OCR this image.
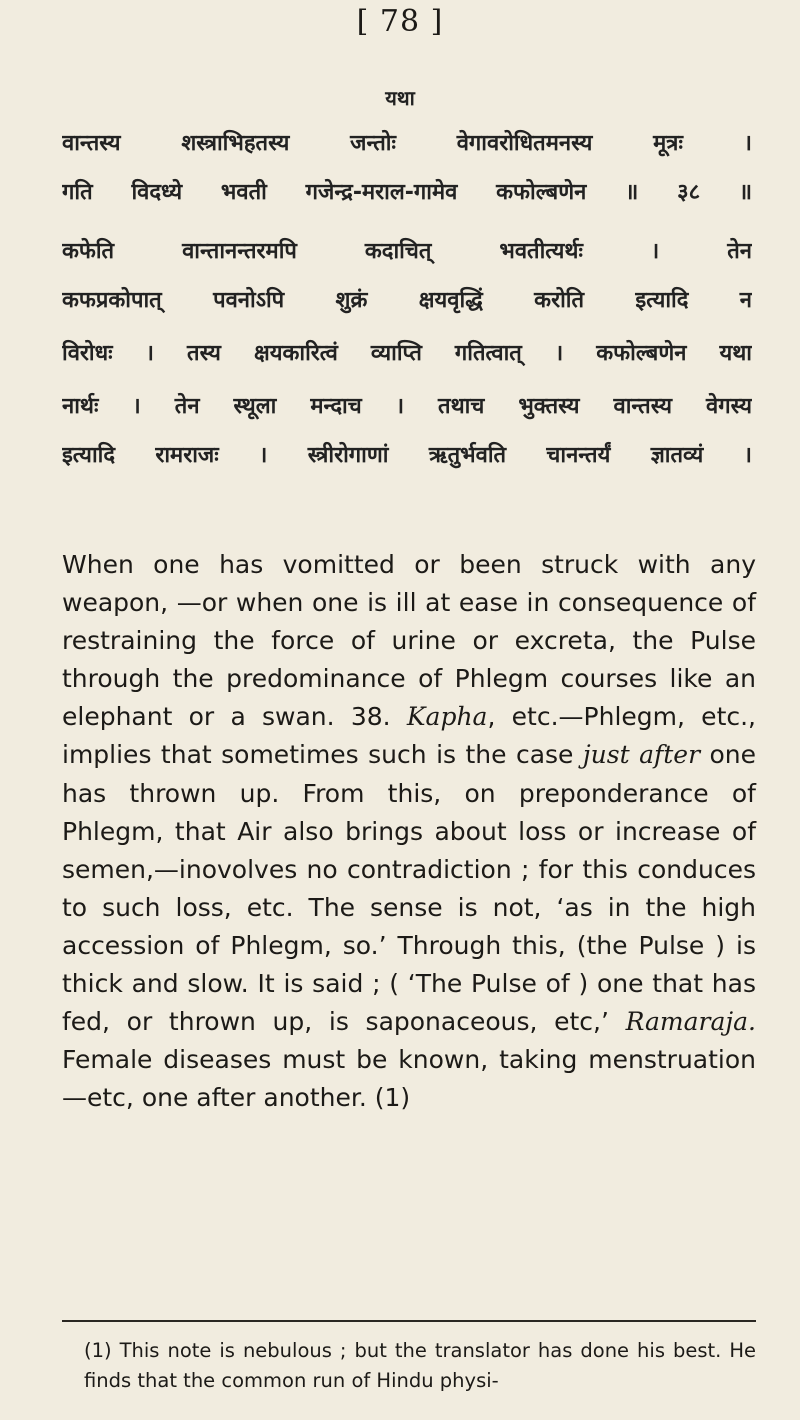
[ 78 ]
यथा
वान्तस्य शस्त्राभिहतस्य जन्तोः वेगावरोधितमनस्य मूत्रः ।
गति विदध्ये भवती गजेन्द्र-मराल-गामेव कफोल्बणेन ॥ ३८ ॥
कफेति वान्तानन्तरमपि कदाचित् भवतीत्यर्थः । तेन
कफप्रकोपात् पवनोऽपि शुक्रं क्षयवृद्धिं करोति इत्यादि न
विरोधः । तस्य क्षयकारित्वं व्याप्ति गतित्वात् । कफोल्बणेन यथा
नार्थः । तेन स्थूला मन्दाच । तथाच भुक्तस्य वान्तस्य वेगस्य
इत्यादि रामराजः । स्त्रीरोगाणां ऋतुर्भवति चानन्तर्यं ज्ञातव्यं ।

When one has vomitted or been struck with any weapon, —or when one is ill at ease in consequence of restraining the force of urine or excreta, the Pulse through the predominance of Phlegm courses like an elephant or a swan. 38. Kapha, etc.—Phlegm, etc., implies that sometimes such is the case just after one has thrown up. From this, on preponderance of Phlegm, that Air also brings about loss or increase of semen,—inovolves no contradiction ; for this conduces to such loss, etc. The sense is not, ‘as in the high accession of Phlegm, so.’ Through this, (the Pulse ) is thick and slow. It is said ; ( ‘The Pulse of ) one that has fed, or thrown up, is saponaceous, etc,’ Ramaraja. Female diseases must be known, taking menstruation—etc, one after another. (1)

(1) This note is nebulous ; but the translator has done his best. He finds that the common run of Hindu physi-
